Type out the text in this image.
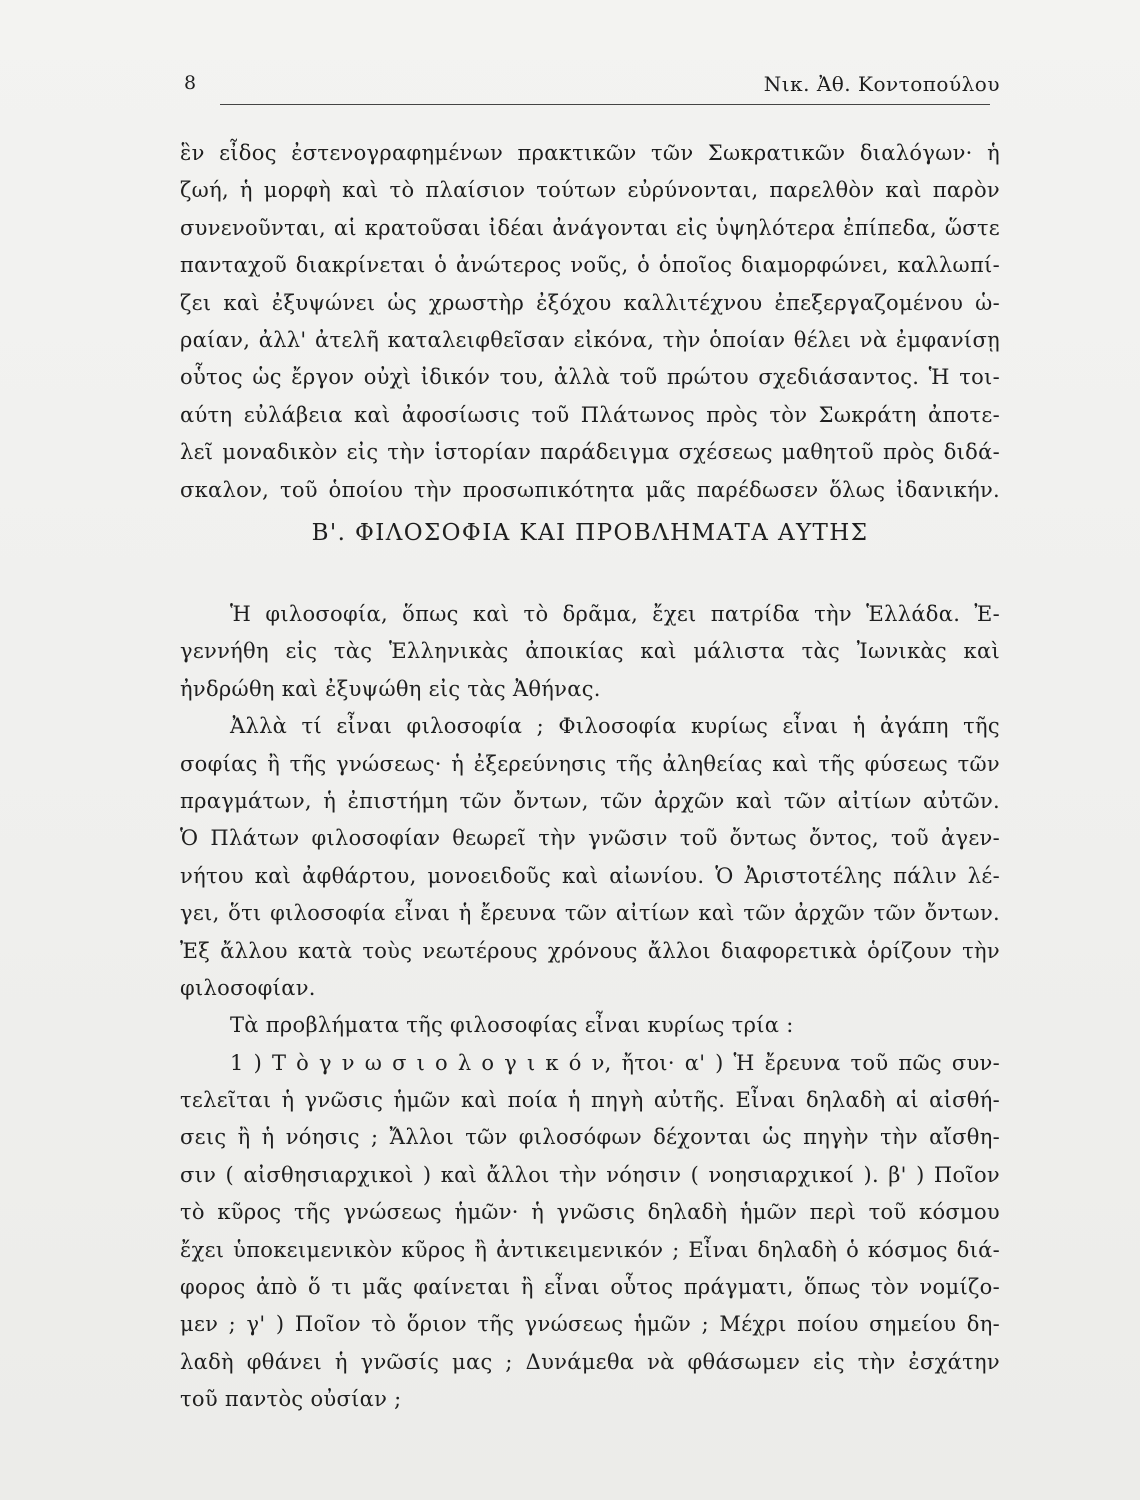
8	Νικ. Ἀθ. Κοντοπούλου
ἓν εἶδος ἐστενογραφημένων πρακτικῶν τῶν Σωκρατικῶν διαλόγων· ἡ
ζωή, ἡ μορφὴ καὶ τὸ πλαίσιον τούτων εὐρύνονται, παρελθὸν καὶ παρὸν
συνενοῦνται, αἱ κρατοῦσαι ἰδέαι ἀνάγονται εἰς ὑψηλότερα ἐπίπεδα, ὥστε
πανταχοῦ διακρίνεται ὁ ἀνώτερος νοῦς, ὁ ὁποῖος διαμορφώνει, καλλωπί-
ζει καὶ ἐξυψώνει ὡς χρωστὴρ ἐξόχου καλλιτέχνου ἐπεξεργαζομένου ὡ-
ραίαν, ἀλλ' ἀτελῆ καταλειφθεῖσαν εἰκόνα, τὴν ὁποίαν θέλει νὰ ἐμφανίσῃ
οὗτος ὡς ἔργον οὐχὶ ἰδικόν του, ἀλλὰ τοῦ πρώτου σχεδιάσαντος. Ἡ τοι-
αύτη εὐλάβεια καὶ ἀφοσίωσις τοῦ Πλάτωνος πρὸς τὸν Σωκράτη ἀποτε-
λεῖ μοναδικὸν εἰς τὴν ἱστορίαν παράδειγμα σχέσεως μαθητοῦ πρὸς διδά-
σκαλον, τοῦ ὁποίου τὴν προσωπικότητα μᾶς παρέδωσεν ὅλως ἰδανικήν.
Β'. ΦΙΛΟΣΟΦΙΑ ΚΑΙ ΠΡΟΒΛΗΜΑΤΑ ΑΥΤΗΣ
Ἡ φιλοσοφία, ὅπως καὶ τὸ δρᾶμα, ἔχει πατρίδα τὴν Ἑλλάδα. Ἐ-
γεννήθη εἰς τὰς Ἑλληνικὰς ἀποικίας καὶ μάλιστα τὰς Ἰωνικὰς καὶ
ἠνδρώθη καὶ ἐξυψώθη εἰς τὰς Ἀθήνας.
Ἀλλὰ τί εἶναι φιλοσοφία ; Φιλοσοφία κυρίως εἶναι ἡ ἀγάπη τῆς
σοφίας ἢ τῆς γνώσεως· ἡ ἐξερεύνησις τῆς ἀληθείας καὶ τῆς φύσεως τῶν
πραγμάτων, ἡ ἐπιστήμη τῶν ὄντων, τῶν ἀρχῶν καὶ τῶν αἰτίων αὐτῶν.
Ὁ Πλάτων φιλοσοφίαν θεωρεῖ τὴν γνῶσιν τοῦ ὄντως ὄντος, τοῦ ἀγεν-
νήτου καὶ ἀφθάρτου, μονοειδοῦς καὶ αἰωνίου. Ὁ Ἀριστοτέλης πάλιν λέ-
γει, ὅτι φιλοσοφία εἶναι ἡ ἔρευνα τῶν αἰτίων καὶ τῶν ἀρχῶν τῶν ὄντων.
Ἐξ ἄλλου κατὰ τοὺς νεωτέρους χρόνους ἄλλοι διαφορετικὰ ὁρίζουν τὴν
φιλοσοφίαν.
Τὰ προβλήματα τῆς φιλοσοφίας εἶναι κυρίως τρία :
1 ) Τ ὸ γ ν ω σ ι ο λ ο γ ι κ ό ν, ἤτοι· α' ) Ἡ ἔρευνα τοῦ πῶς συν-
τελεῖται ἡ γνῶσις ἡμῶν καὶ ποία ἡ πηγὴ αὐτῆς. Εἶναι δηλαδὴ αἱ αἰσθή-
σεις ἢ ἡ νόησις ; Ἄλλοι τῶν φιλοσόφων δέχονται ὡς πηγὴν τὴν αἴσθη-
σιν ( αἰσθησιαρχικοὶ ) καὶ ἄλλοι τὴν νόησιν ( νοησιαρχικοί ). β' ) Ποῖον
τὸ κῦρος τῆς γνώσεως ἡμῶν· ἡ γνῶσις δηλαδὴ ἡμῶν περὶ τοῦ κόσμου
ἔχει ὑποκειμενικὸν κῦρος ἢ ἀντικειμενικόν ; Εἶναι δηλαδὴ ὁ κόσμος διά-
φορος ἀπὸ ὅ τι μᾶς φαίνεται ἢ εἶναι οὗτος πράγματι, ὅπως τὸν νομίζο-
μεν ; γ' ) Ποῖον τὸ ὅριον τῆς γνώσεως ἡμῶν ; Μέχρι ποίου σημείου δη-
λαδὴ φθάνει ἡ γνῶσίς μας ; Δυνάμεθα νὰ φθάσωμεν εἰς τὴν ἐσχάτην
τοῦ παντὸς οὐσίαν ;
